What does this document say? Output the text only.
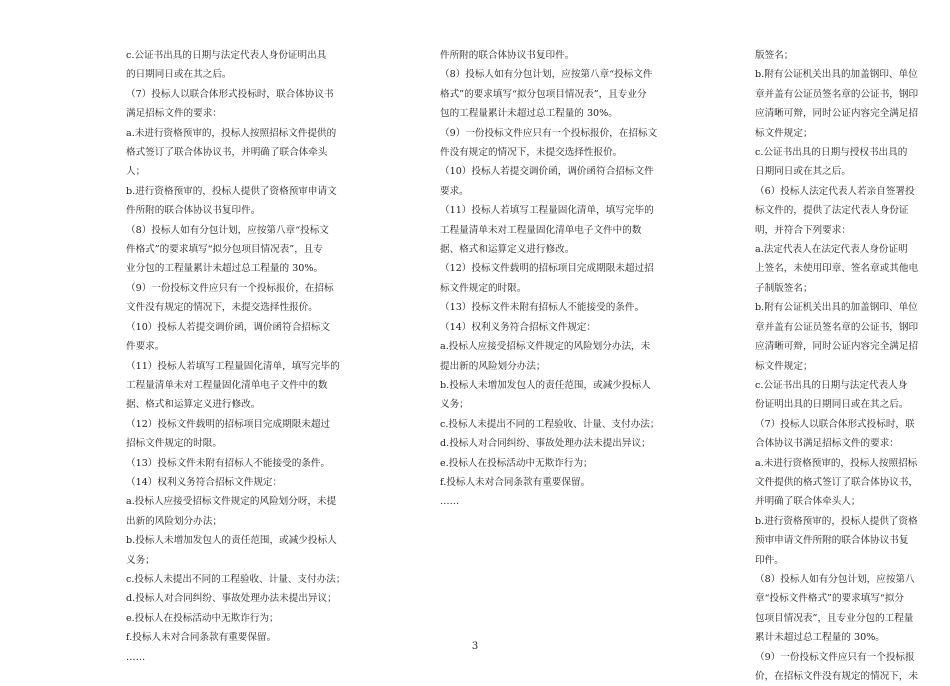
c.公证书出具的日期与法定代表人身份证明出具

的日期同日或在其之后。

（7）投标人以联合体形式投标时，联合体协议书

满足招标文件的要求：

a.未进行资格预审的，投标人按照招标文件提供的

格式签订了联合体协议书，并明确了联合体牵头

人；

b.进行资格预审的，投标人提供了资格预审申请文

件所附的联合体协议书复印件。

（8）投标人如有分包计划，应按第八章“投标文

件格式”的要求填写“拟分包项目情况表”，且专

业分包的工程量累计未超过总工程量的 30%。

（9）一份投标文件应只有一个投标报价，在招标

文件没有规定的情况下，未提交选择性报价。

（10）投标人若提交调价函，调价函符合招标文

件要求。

（11）投标人若填写工程量固化清单，填写完毕的

工程量清单未对工程量固化清单电子文件中的数

据、格式和运算定义进行修改。

（12）投标文件载明的招标项目完成期限未超过

招标文件规定的时限。

（13）投标文件未附有招标人不能接受的条件。

（14）权利义务符合招标文件规定：

a.投标人应接受招标文件规定的风险划分呀，未提

出新的风险划分办法；

b.投标人未增加发包人的责任范围，或减少投标人

义务；

c.投标人未提出不同的工程验收、计量、支付办法；

d.投标人对合同纠纷、事故处理办法未提出异议；

e.投标人在投标活动中无欺诈行为；

f.投标人未对合同条款有重要保留。

……

件所附的联合体协议书复印件。

（8）投标人如有分包计划，应按第八章“投标文件

格式”的要求填写“拟分包项目情况表”，且专业分

包的工程量累计未超过总工程量的 30%。

（9）一份投标文件应只有一个投标报价，在招标文

件没有规定的情况下，未提交选择性报价。

（10）投标人若提交调价函，调价函符合招标文件

要求。

（11）投标人若填写工程量固化清单，填写完毕的

工程量清单未对工程量固化清单电子文件中的数

据、格式和运算定义进行修改。

（12）投标文件载明的招标项目完成期限未超过招

标文件规定的时限。

（13）投标文件未附有招标人不能接受的条件。

（14）权利义务符合招标文件规定：

a.投标人应接受招标文件规定的风险划分办法，未

提出新的风险划分办法；

b.投标人未增加发包人的责任范围，或减少投标人

义务；

c.投标人未提出不同的工程验收、计量、支付办法；

d.投标人对合同纠纷、事故处理办法未提出异议；

e.投标人在投标活动中无欺诈行为；

f.投标人未对合同条款有重要保留。

……

版签名；

b.附有公证机关出具的加盖钢印、单位

章并盖有公证员签名章的公证书，钢印

应清晰可辩，同时公证内容完全满足招

标文件规定；

c.公证书出具的日期与授权书出具的

日期同日或在其之后。

（6）投标人法定代表人若亲自签署投

标文件的，提供了法定代表人身份证

明，并符合下列要求：

a.法定代表人在法定代表人身份证明

上签名，未使用印章、签名章或其他电

子制版签名；

b.附有公证机关出具的加盖钢印、单位

章并盖有公证员签名章的公证书，钢印

应清晰可辩，同时公证内容完全满足招

标文件规定；

c.公证书出具的日期与法定代表人身

份证明出具的日期同日或在其之后。

（7）投标人以联合体形式投标时，联

合体协议书满足招标文件的要求：

a.未进行资格预审的，投标人按照招标

文件提供的格式签订了联合体协议书，

并明确了联合体牵头人；

b.进行资格预审的，投标人提供了资格

预审申请文件所附的联合体协议书复

印件。

（8）投标人如有分包计划，应按第八

章“投标文件格式”的要求填写“拟分

包项目情况表”，且专业分包的工程量

累计未超过总工程量的 30%。

（9）一份投标文件应只有一个投标报

价，在招标文件没有规定的情况下，未

3
